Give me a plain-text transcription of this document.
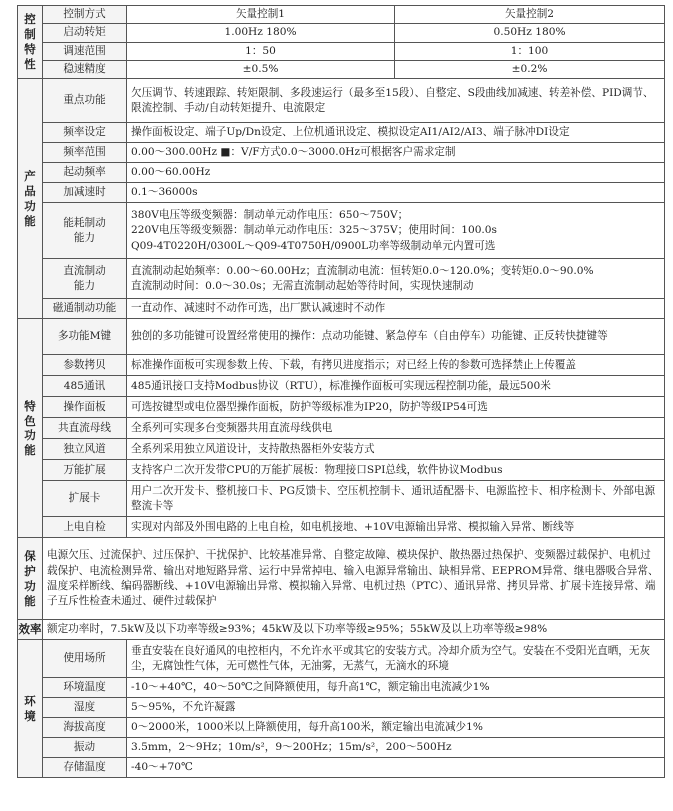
控
制
特
性	控制方式	矢量控制1	矢量控制2
	启动转矩	1.00Hz 180%	0.50Hz 180%
	调速范围	1：50	1：100
	稳速精度	±0.5%	±0.2%
产
品
功
能	重点功能	欠压调节、转速跟踪、转矩限制、多段速运行（最多至15段）、自整定、S段曲线加减速、转差补偿、PID调节、限流控制、手动/自动转矩提升、电流限定	
	频率设定	操作面板设定、端子Up/Dn设定、上位机通讯设定、模拟设定AI1/AI2/AI3、端子脉冲DI设定	
	频率范围	0.00～300.00Hz ■：V/F方式0.0～3000.0Hz可根据客户需求定制	
	起动频率	0.00～60.00Hz	
	加减速时	0.1～36000s	
	能耗制动
能力	380V电压等级变频器：制动单元动作电压：650～750V；
220V电压等级变频器：制动单元动作电压：325～375V；使用时间：100.0s
Q09-4T0220H/0300L～Q09-4T0750H/0900L功率等级制动单元内置可选	
	直流制动
能力	直流制动起始频率：0.00～60.00Hz；直流制动电流：恒转矩0.0～120.0%；变转矩0.0～90.0%
直流制动时间：0.0～30.0s；无需直流制动起始等待时间，实现快速制动	
	磁通制动功能	一直动作、减速时不动作可选，出厂默认减速时不动作	
特
色
功
能	多功能M键	独创的多功能键可设置经常使用的操作：点动功能键、紧急停车（自由停车）功能键、正反转快捷键等	
	参数拷贝	标准操作面板可实现参数上传、下载，有拷贝进度指示；对已经上传的参数可选择禁止上传覆盖	
	485通讯	485通讯接口支持Modbus协议（RTU），标准操作面板可实现远程控制功能，最远500米	
	操作面板	可选按键型或电位器型操作面板，防护等级标准为IP20，防护等级IP54可选	
	共直流母线	全系列可实现多台变频器共用直流母线供电	
	独立风道	全系列采用独立风道设计，支持散热器柜外安装方式	
	万能扩展	支持客户二次开发带CPU的万能扩展板：物理接口SPI总线，软件协议Modbus	
	扩展卡	用户二次开发卡、整机接口卡、PG反馈卡、空压机控制卡、通讯适配器卡、电源监控卡、相序检测卡、外部电源整流卡等	
	上电自检	实现对内部及外围电路的上电自检，如电机接地、+10V电源输出异常、模拟输入异常、断线等	
保
护
功
能	电源欠压、过流保护、过压保护、干扰保护、比较基准异常、自整定故障、模块保护、散热器过热保护、变频器过载保护、电机过载保护、电流检测异常、输出对地短路异常、运行中异常掉电、输入电源异常输出、缺相异常、EEPROM异常、继电器吸合异常、温度采样断线、编码器断线、+10V电源输出异常、模拟输入异常、电机过热（PTC）、通讯异常、拷贝异常、扩展卡连接异常、端子互斥性检查未通过、硬件过载保护		
效率	额定功率时，7.5kW及以下功率等级≥93%；45kW及以下功率等级≥95%；55kW及以上功率等级≥98%		
环
境	使用场所	垂直安装在良好通风的电控柜内，不允许水平或其它的安装方式。冷却介质为空气。安装在不受阳光直晒，无灰尘，无腐蚀性气体，无可燃性气体，无油雾，无蒸气，无滴水的环境	
	环境温度	-10～+40℃，40～50℃之间降额使用，每升高1℃，额定输出电流减少1%	
	湿度	5～95%，不允许凝露	
	海拔高度	0～2000米，1000米以上降额使用，每升高100米，额定输出电流减少1%	
	振动	3.5mm，2～9Hz；10m/s²，9～200Hz；15m/s²，200～500Hz	
	存储温度	-40～+70℃	
